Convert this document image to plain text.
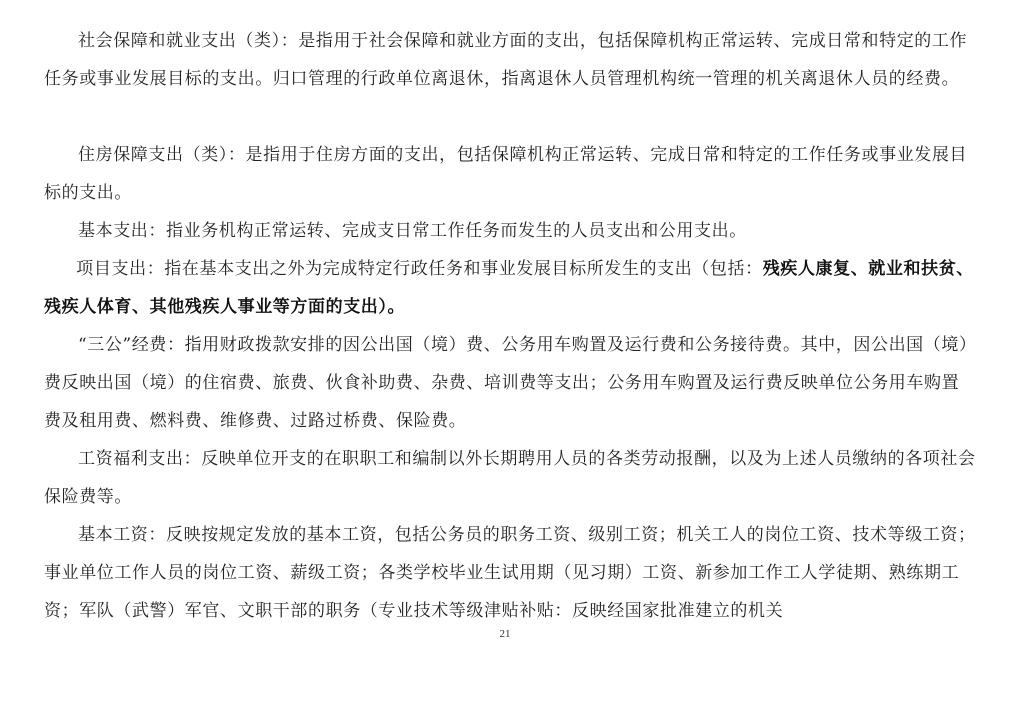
社会保障和就业支出（类）：是指用于社会保障和就业方面的支出，包括保障机构正常运转、完成日常和特定的工作任务或事业发展目标的支出。归口管理的行政单位离退休，指离退休人员管理机构统一管理的机关离退休人员的经费。

住房保障支出（类）：是指用于住房方面的支出，包括保障机构正常运转、完成日常和特定的工作任务或事业发展目标的支出。

基本支出：指业务机构正常运转、完成支日常工作任务而发生的人员支出和公用支出。

项目支出：指在基本支出之外为完成特定行政任务和事业发展目标所发生的支出（包括：残疾人康复、就业和扶贫、残疾人体育、其他残疾人事业等方面的支出）。

“三公”经费：指用财政拨款安排的因公出国（境）费、公务用车购置及运行费和公务接待费。其中，因公出国（境）费反映出国（境）的住宿费、旅费、伙食补助费、杂费、培训费等支出；公务用车购置及运行费反映单位公务用车购置费及租用费、燃料费、维修费、过路过桥费、保险费。

工资福利支出：反映单位开支的在职职工和编制以外长期聘用人员的各类劳动报酬，以及为上述人员缴纳的各项社会保险费等。

基本工资：反映按规定发放的基本工资，包括公务员的职务工资、级别工资；机关工人的岗位工资、技术等级工资；事业单位工作人员的岗位工资、薪级工资；各类学校毕业生试用期（见习期）工资、新参加工作工人学徒期、熟练期工资；军队（武警）军官、文职干部的职务（专业技术等级津贴补贴：反映经国家批准建立的机关

21
